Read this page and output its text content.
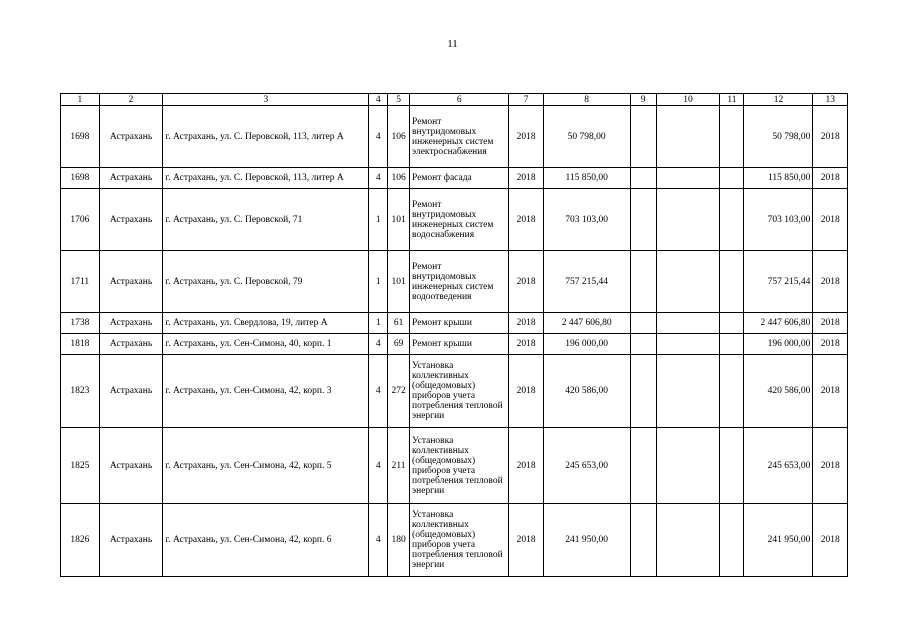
11
1	2	3	4	5	6	7	8	9	10	11	12	13
1698	Астрахань	г. Астрахань, ул. С. Перовской, 113, литер А	4	106	Ремонт внутридомовых инженерных систем электроснабжения	2018	50 798,00				50 798,00	2018
1698	Астрахань	г. Астрахань, ул. С. Перовской, 113, литер А	4	106	Ремонт фасада	2018	115 850,00				115 850,00	2018
1706	Астрахань	г. Астрахань, ул. С. Перовской, 71	1	101	Ремонт внутридомовых инженерных систем водоснабжения	2018	703 103,00				703 103,00	2018
1711	Астрахань	г. Астрахань, ул. С. Перовской, 79	1	101	Ремонт внутридомовых инженерных систем водоотведения	2018	757 215,44				757 215,44	2018
1738	Астрахань	г. Астрахань, ул. Свердлова, 19, литер А	1	61	Ремонт крыши	2018	2 447 606,80				2 447 606,80	2018
1818	Астрахань	г. Астрахань, ул. Сен-Симона, 40, корп. 1	4	69	Ремонт крыши	2018	196 000,00				196 000,00	2018
1823	Астрахань	г. Астрахань, ул. Сен-Симона, 42, корп. 3	4	272	Установка коллективных (общедомовых) приборов учета потребления тепловой энергии	2018	420 586,00				420 586,00	2018
1825	Астрахань	г. Астрахань, ул. Сен-Симона, 42, корп. 5	4	211	Установка коллективных (общедомовых) приборов учета потребления тепловой энергии	2018	245 653,00				245 653,00	2018
1826	Астрахань	г. Астрахань, ул. Сен-Симона, 42, корп. 6	4	180	Установка коллективных (общедомовых) приборов учета потребления тепловой энергии	2018	241 950,00				241 950,00	2018
